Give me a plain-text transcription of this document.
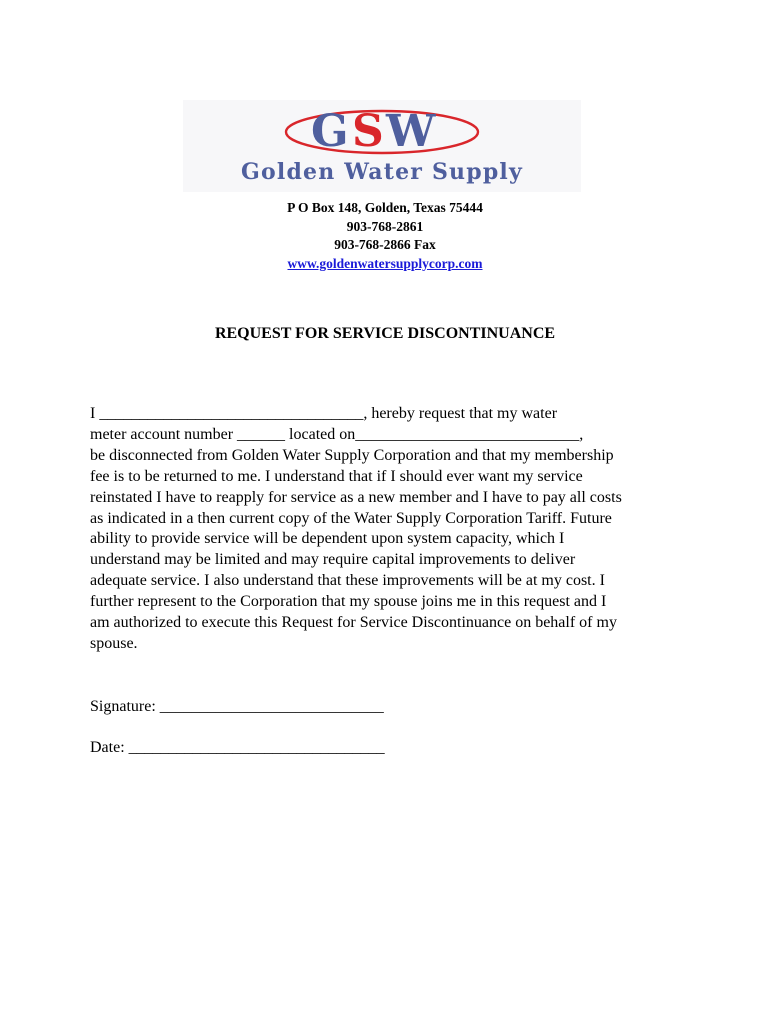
G S W
Golden Water Supply
P O Box 148, Golden, Texas 75444
903-768-2861
903-768-2866 Fax
www.goldenwatersupplycorp.com
REQUEST FOR SERVICE DISCONTINUANCE

I _________________________________, hereby request that my water

meter account number ______ located on____________________________,

be disconnected from Golden Water Supply Corporation and that my membership

fee is to be returned to me. I understand that if I should ever want my service

reinstated I have to reapply for service as a new member and I have to pay all costs

as indicated in a then current copy of the Water Supply Corporation Tariff. Future

ability to provide service will be dependent upon system capacity, which I

understand may be limited and may require capital improvements to deliver

adequate service. I also understand that these improvements will be at my cost. I

further represent to the Corporation that my spouse joins me in this request and I

am authorized to execute this Request for Service Discontinuance on behalf of my

spouse.

Signature: ____________________________
Date: ________________________________
